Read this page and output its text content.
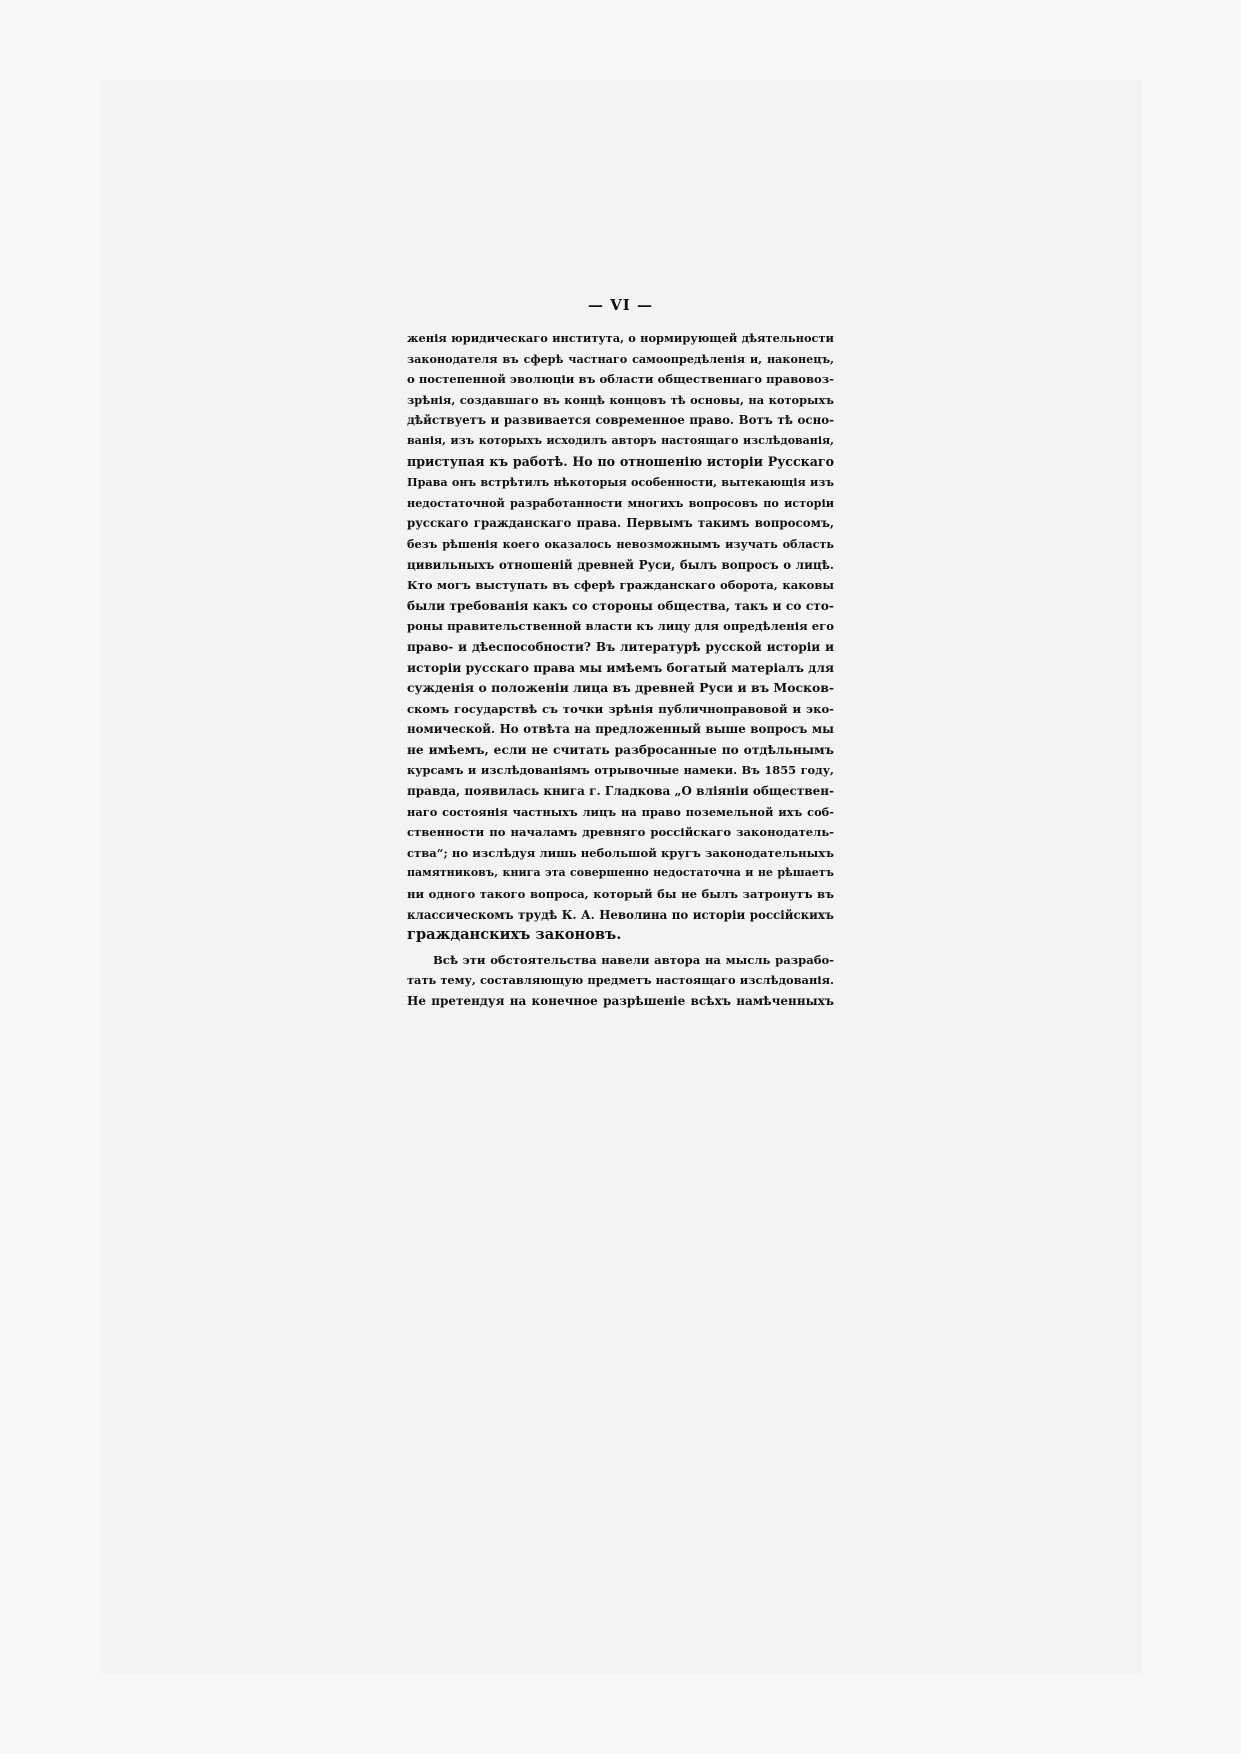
— VI —
женія юридическаго института, о нормирующей дѣятельности
законодателя въ сферѣ частнаго самоопредѣленія и, наконецъ,
о постепенной эволюціи въ области общественнаго правовоз-
зрѣнія, создавшаго въ концѣ концовъ тѣ основы, на которыхъ
дѣйствуетъ и развивается современное право. Вотъ тѣ осно-
ванія, изъ которыхъ исходилъ авторъ настоящаго изслѣдованія,
приступая къ работѣ. Но по отношенію исторіи Русскаго
Права онъ встрѣтилъ нѣкоторыя особенности, вытекающія изъ
недостаточной разработанности многихъ вопросовъ по исторіи
русскаго гражданскаго права. Первымъ такимъ вопросомъ,
безъ рѣшенія коего оказалось невозможнымъ изучать область
цивильныхъ отношеній древней Руси, былъ вопросъ о лицѣ.
Кто могъ выступать въ сферѣ гражданскаго оборота, каковы
были требованія какъ со стороны общества, такъ и со сто-
роны правительственной власти къ лицу для опредѣленія его
право- и дѣеспособности? Въ литературѣ русской исторіи и
исторіи русскаго права мы имѣемъ богатый матеріалъ для
сужденія о положеніи лица въ древней Руси и въ Москов-
скомъ государствѣ съ точки зрѣнія публичноправовой и эко-
номической. Но отвѣта на предложенный выше вопросъ мы
не имѣемъ, если не считать разбросанные по отдѣльнымъ
курсамъ и изслѣдованіямъ отрывочные намеки. Въ 1855 году,
правда, появилась книга г. Гладкова „О вліяніи обществен-
наго состоянія частныхъ лицъ на право поземельной ихъ соб-
ственности по началамъ древняго россійскаго законодатель-
ства“; но изслѣдуя лишь небольшой кругъ законодательныхъ
памятниковъ, книга эта совершенно недостаточна и не рѣшаетъ
ни одного такого вопроса, который бы не былъ затронутъ въ
классическомъ трудѣ К. А. Неволина по исторіи россійскихъ
гражданскихъ законовъ.
Всѣ эти обстоятельства навели автора на мысль разрабо-
тать тему, составляющую предметъ настоящаго изслѣдованія.
Не претендуя на конечное разрѣшеніе всѣхъ намѣченныхъ
